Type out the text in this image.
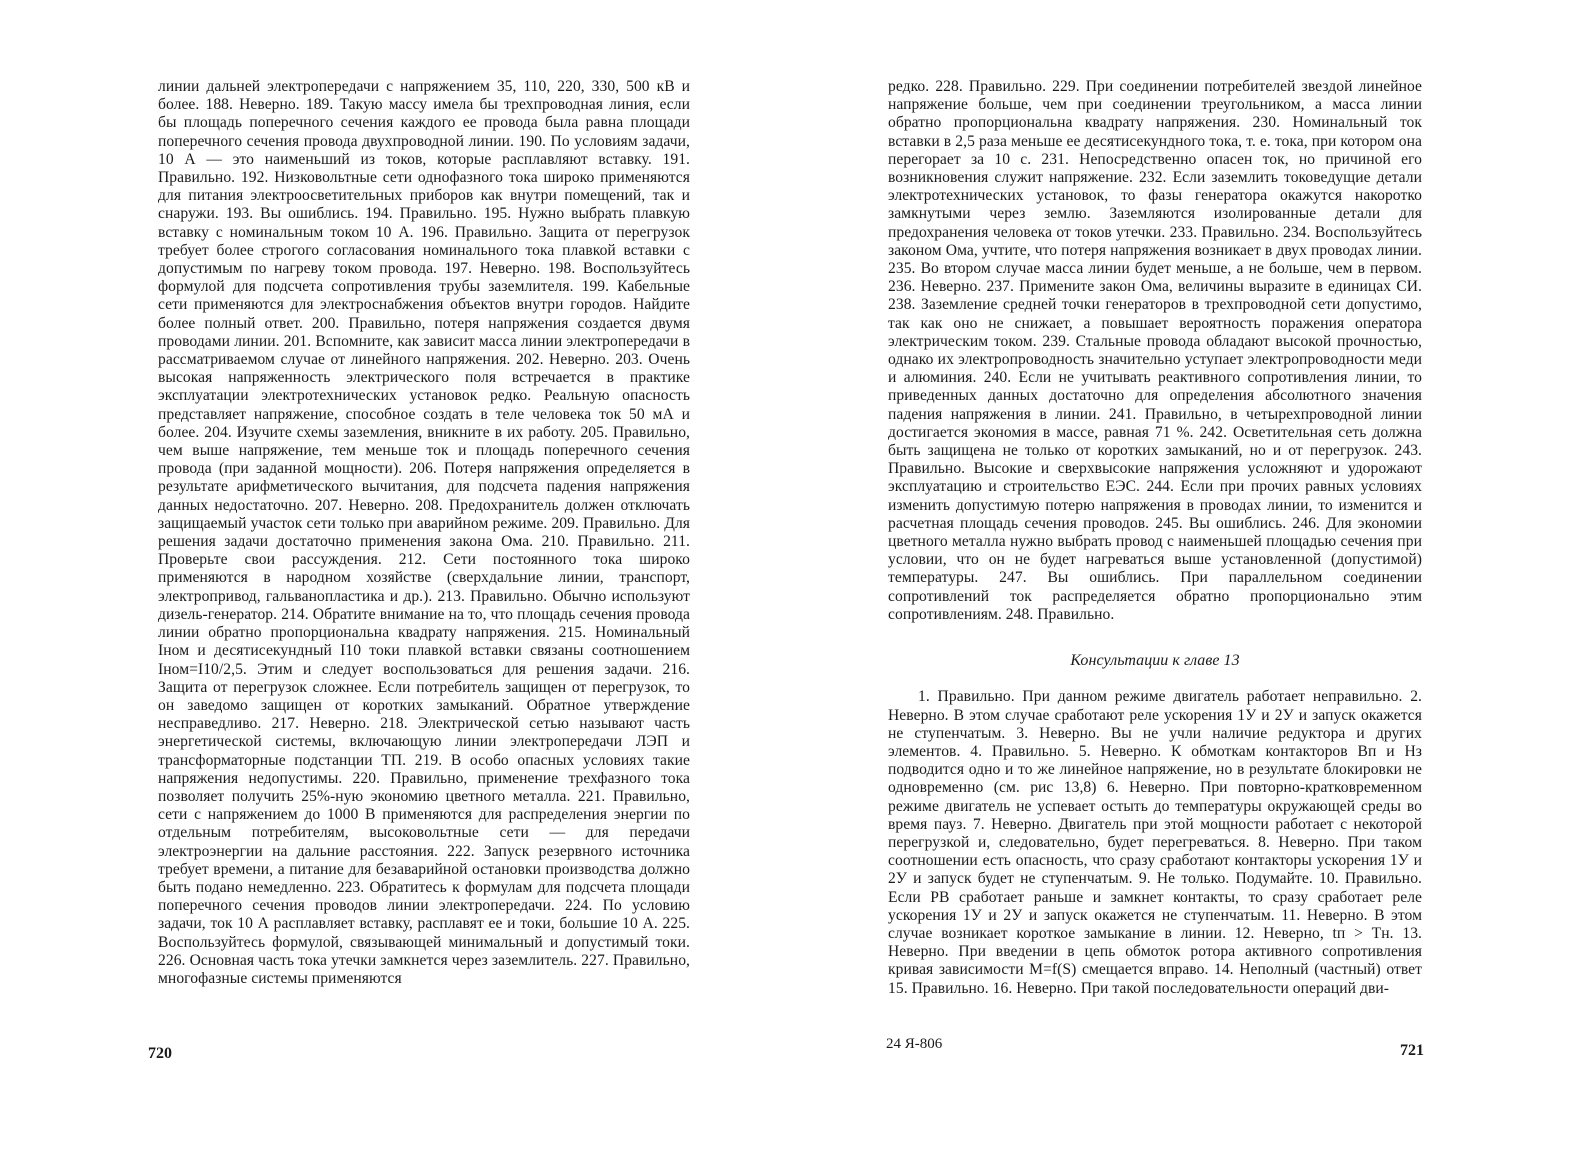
линии дальней электропередачи с напряжением 35, 110, 220, 330, 500 кВ и более. 188. Неверно. 189. Такую массу имела бы трехпроводная линия, если бы площадь поперечного сечения каждого ее провода была равна площади поперечного сечения провода двухпроводной линии. 190. По условиям задачи, 10 А — это наименьший из токов, которые расплавляют вставку. 191. Правильно. 192. Низковольтные сети однофазного тока широко применяются для питания электроосветительных приборов как внутри помещений, так и снаружи. 193. Вы ошиблись. 194. Правильно. 195. Нужно выбрать плавкую вставку с номинальным током 10 А. 196. Правильно. Защита от перегрузок требует более строгого согласования номинального тока плавкой вставки с допустимым по нагреву током провода. 197. Неверно. 198. Воспользуйтесь формулой для подсчета сопротивления трубы заземлителя. 199. Кабельные сети применяются для электроснабжения объектов внутри городов. Найдите более полный ответ. 200. Правильно, потеря напряжения создается двумя проводами линии. 201. Вспомните, как зависит масса линии электропередачи в рассматриваемом случае от линейного напряжения. 202. Неверно. 203. Очень высокая напряженность электрического поля встречается в практике эксплуатации электротехнических установок редко. Реальную опасность представляет напряжение, способное создать в теле человека ток 50 мА и более. 204. Изучите схемы заземления, вникните в их работу. 205. Правильно, чем выше напряжение, тем меньше ток и площадь поперечного сечения провода (при заданной мощности). 206. Потеря напряжения определяется в результате арифметического вычитания, для подсчета падения напряжения данных недостаточно. 207. Неверно. 208. Предохранитель должен отключать защищаемый участок сети только при аварийном режиме. 209. Правильно. Для решения задачи достаточно применения закона Ома. 210. Правильно. 211. Проверьте свои рассуждения. 212. Сети постоянного тока широко применяются в народном хозяйстве (сверхдальние линии, транспорт, электропривод, гальванопластика и др.). 213. Правильно. Обычно используют дизель-генератор. 214. Обратите внимание на то, что площадь сечения провода линии обратно пропорциональна квадрату напряжения. 215. Номинальный Iном и десятисекундный I10 токи плавкой вставки связаны соотношением Iном=I10/2,5. Этим и следует воспользоваться для решения задачи. 216. Защита от перегрузок сложнее. Если потребитель защищен от перегрузок, то он заведомо защищен от коротких замыканий. Обратное утверждение несправедливо. 217. Неверно. 218. Электрической сетью называют часть энергетической системы, включающую линии электропередачи ЛЭП и трансформаторные подстанции ТП. 219. В особо опасных условиях такие напряжения недопустимы. 220. Правильно, применение трехфазного тока позволяет получить 25%-ную экономию цветного металла. 221. Правильно, сети с напряжением до 1000 В применяются для распределения энергии по отдельным потребителям, высоковольтные сети — для передачи электроэнергии на дальние расстояния. 222. Запуск резервного источника требует времени, а питание для безаварийной остановки производства должно быть подано немедленно. 223. Обратитесь к формулам для подсчета площади поперечного сечения проводов линии электропередачи. 224. По условию задачи, ток 10 А расплавляет вставку, расплавят ее и токи, большие 10 А. 225. Воспользуйтесь формулой, связывающей минимальный и допустимый токи. 226. Основная часть тока утечки замкнется через заземлитель. 227. Правильно, многофазные системы применяются

720

редко. 228. Правильно. 229. При соединении потребителей звездой линейное напряжение больше, чем при соединении треугольником, а масса линии обратно пропорциональна квадрату напряжения. 230. Номинальный ток вставки в 2,5 раза меньше ее десятисекундного тока, т. е. тока, при котором она перегорает за 10 с. 231. Непосредственно опасен ток, но причиной его возникновения служит напряжение. 232. Если заземлить токоведущие детали электротехнических установок, то фазы генератора окажутся накоротко замкнутыми через землю. Заземляются изолированные детали для предохранения человека от токов утечки. 233. Правильно. 234. Воспользуйтесь законом Ома, учтите, что потеря напряжения возникает в двух проводах линии. 235. Во втором случае масса линии будет меньше, а не больше, чем в первом. 236. Неверно. 237. Примените закон Ома, величины выразите в единицах СИ. 238. Заземление средней точки генераторов в трехпроводной сети допустимо, так как оно не снижает, а повышает вероятность поражения оператора электрическим током. 239. Стальные провода обладают высокой прочностью, однако их электропроводность значительно уступает электропроводности меди и алюминия. 240. Если не учитывать реактивного сопротивления линии, то приведенных данных достаточно для определения абсолютного значения падения напряжения в линии. 241. Правильно, в четырехпроводной линии достигается экономия в массе, равная 71 %. 242. Осветительная сеть должна быть защищена не только от коротких замыканий, но и от перегрузок. 243. Правильно. Высокие и сверхвысокие напряжения усложняют и удорожают эксплуатацию и строительство ЕЭС. 244. Если при прочих равных условиях изменить допустимую потерю напряжения в проводах линии, то изменится и расчетная площадь сечения проводов. 245. Вы ошиблись. 246. Для экономии цветного металла нужно выбрать провод с наименьшей площадью сечения при условии, что он не будет нагреваться выше установленной (допустимой) температуры. 247. Вы ошиблись. При параллельном соединении сопротивлений ток распределяется обратно пропорционально этим сопротивлениям. 248. Правильно.

Консультации к главе 13

1. Правильно. При данном режиме двигатель работает неправильно. 2. Неверно. В этом случае сработают реле ускорения 1У и 2У и запуск окажется не ступенчатым. 3. Неверно. Вы не учли наличие редуктора и других элементов. 4. Правильно. 5. Неверно. К обмоткам контакторов Вп и Нз подводится одно и то же линейное напряжение, но в результате блокировки не одновременно (см. рис 13,8) 6. Неверно. При повторно-кратковременном режиме двигатель не успевает остыть до температуры окружающей среды во время пауз. 7. Неверно. Двигатель при этой мощности работает с некоторой перегрузкой и, следовательно, будет перегреваться. 8. Неверно. При таком соотношении есть опасность, что сразу сработают контакторы ускорения 1У и 2У и запуск будет не ступенчатым. 9. Не только. Подумайте. 10. Правильно. Если РВ сработает раньше и замкнет контакты, то сразу сработает реле ускорения 1У и 2У и запуск окажется не ступенчатым. 11. Неверно. В этом случае возникает короткое замыкание в линии. 12. Неверно, tп > Tн. 13. Неверно. При введении в цепь обмоток ротора активного сопротивления кривая зависимости M=f(S) смещается вправо. 14. Неполный (частный) ответ 15. Правильно. 16. Неверно. При такой последовательности операций дви-

24 Я-806	721
